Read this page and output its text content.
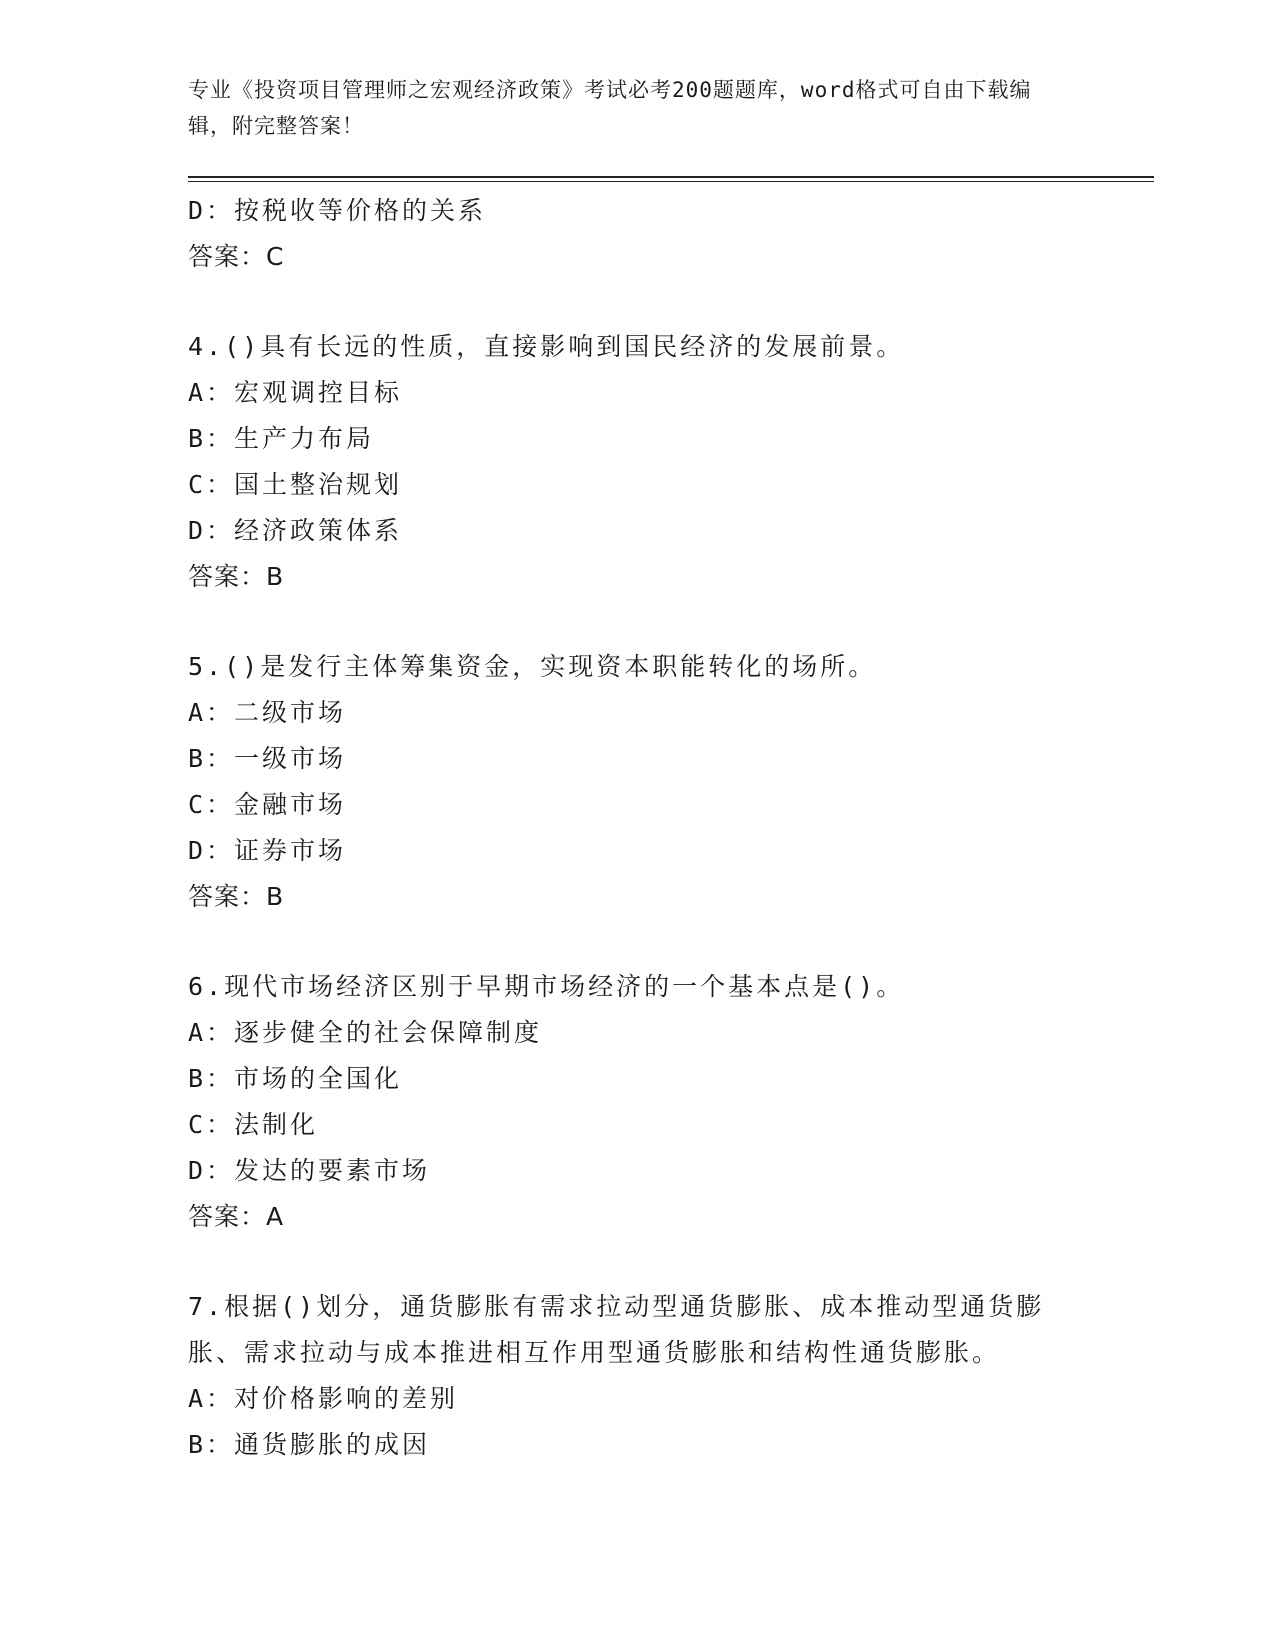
专业《投资项目管理师之宏观经济政策》考试必考200题题库，word格式可自由下载编辑，附完整答案！
D：按税收等价格的关系
答案：C
4.()具有长远的性质，直接影响到国民经济的发展前景。
A：宏观调控目标
B：生产力布局
C：国土整治规划
D：经济政策体系
答案：B
5.()是发行主体筹集资金，实现资本职能转化的场所。
A：二级市场
B：一级市场
C：金融市场
D：证券市场
答案：B
6.现代市场经济区别于早期市场经济的一个基本点是()。
A：逐步健全的社会保障制度
B：市场的全国化
C：法制化
D：发达的要素市场
答案：A
7.根据()划分，通货膨胀有需求拉动型通货膨胀、成本推动型通货膨
胀、需求拉动与成本推进相互作用型通货膨胀和结构性通货膨胀。
A：对价格影响的差别
B：通货膨胀的成因
